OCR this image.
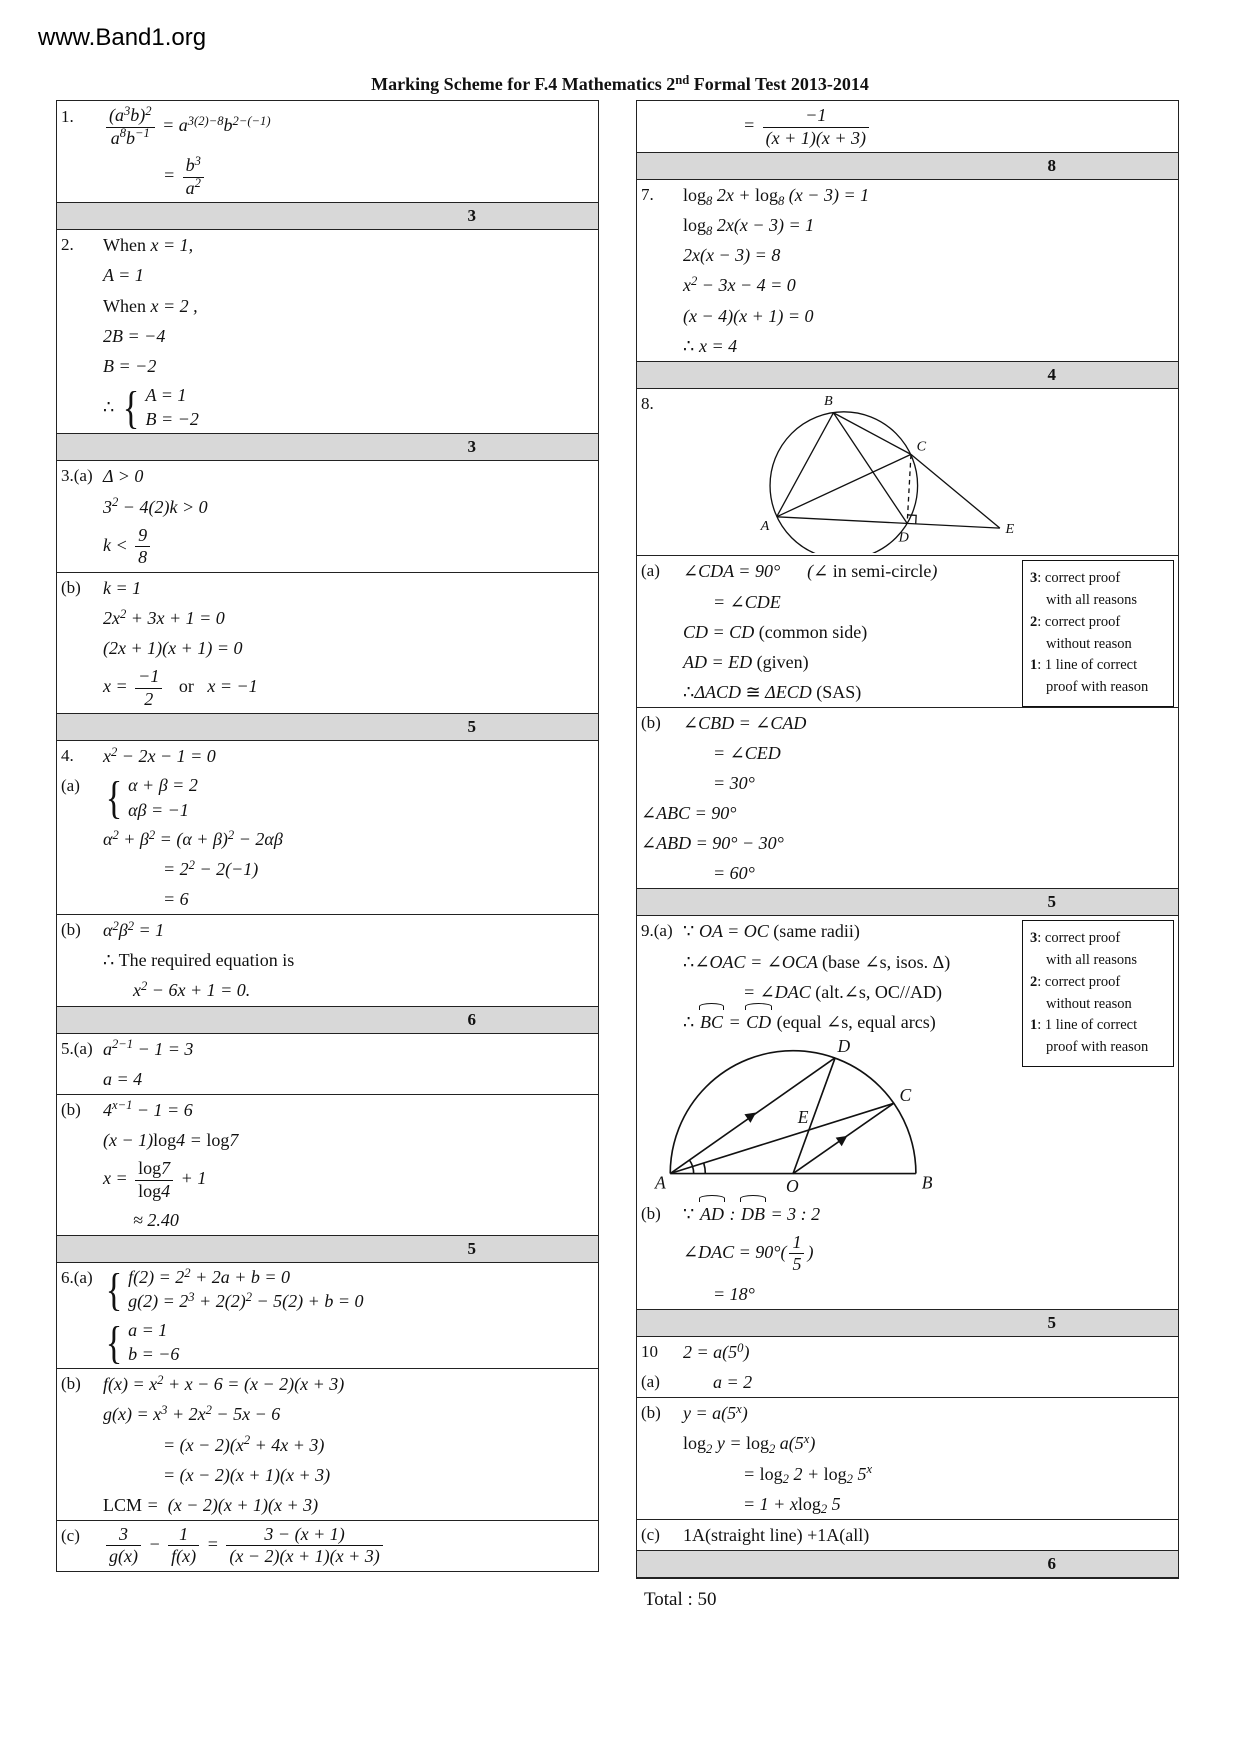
www.Band1.org
Marking Scheme for F.4 Mathematics 2nd Formal Test 2013-2014
1.	$\frac{(a^3b)^2}{a^8b^{-1}} = a^{3(2)-8}b^{2-(-1)}$
= $\frac{b^3}{a^2}$
3
2.	When x = 1,
A = 1
When x = 2 ,
2B = −4
B = −2
∴ { A = 1
B = −2
3
3.(a) Δ > 0
$3^2 - 4(2)k > 0$
$k < \frac{9}{8}$
(b)	k = 1
$2x^2 + 3x + 1 = 0$
(2x + 1)(x + 1) = 0
$x = \frac{-1}{2}$ or x = −1
5
4.	$x^2 - 2x - 1 = 0$
(a) { α + β = 2
αβ = −1
$\alpha^2 + \beta^2 = (\alpha + \beta)^2 - 2\alpha\beta$
= $2^2 - 2(-1)$
= 6
(b)	$\alpha^2\beta^2 = 1$
∴ The required equation is
$x^2 - 6x + 1 = 0$.
6
5.(a) $a^{2-1} - 1 = 3$
a = 4
(b)	$4^{x-1} - 1 = 6$
(x − 1)log4 = log7
$x = \frac{\log 7}{\log 4} + 1$
≈ 2.40
5
6.(a) { $f(2) = 2^2 + 2a + b = 0$
$g(2) = 2^3 + 2(2)^2 - 5(2) + b = 0$
{ a = 1
b = −6
(b)	$f(x) = x^2 + x - 6 = (x - 2)(x + 3)$
$g(x) = x^3 + 2x^2 - 5x - 6$
= $(x - 2)(x^2 + 4x + 3)$
= (x − 2)(x + 1)(x + 3)
LCM = (x − 2)(x + 1)(x + 3)
(c)	$\frac{3}{g(x)} - \frac{1}{f(x)} = \frac{3 - (x + 1)}{(x - 2)(x + 1)(x + 3)}$
= $\frac{-1}{(x + 1)(x + 3)}$
8
7.	log8 2x + log8 (x − 3) = 1
log8 2x(x − 3) = 1
2x(x − 3) = 8
$x^2 - 3x - 4 = 0$
(x − 4)(x + 1) = 0
∴ x = 4
4
8.
A
B
C
D
E
3: correct proof
with all reasons
2: correct proof
without reason
1: 1 line of correct
proof with reason
(a)	∠CDA = 90° (∠ in semi-circle)
= ∠CDE
CD = CD (common side)
AD = ED (given)
∴ΔACD ≅ ΔECD (SAS)
(b)	∠CBD = ∠CAD
= ∠CED
= 30°
∠ABC = 90°
∠ABD = 90° − 30°
= 60°
5
3: correct proof
with all reasons
2: correct proof
without reason
1: 1 line of correct
proof with reason
9.(a) ∵ OA = OC (same radii)
∴∠OAC = ∠OCA (base ∠s, isos. Δ)
= ∠DAC (alt.∠s, OC//AD)
∴ BC = CD (equal ∠s, equal arcs)
A	B
O
D
C
E
(b)	∵ AD : DB = 3 : 2
∠DAC = $90^\circ( \frac{1}{5}$ )
= 18°
5
10	$2 = a(5^0)$
(a)	a = 2
(b)	$y = a(5^x)$
log2 y = log2 $a(5^x)$
= log2 2 + log2 $5^x$
= 1 + xlog2 5
(c)	1A(straight line) +1A(all)
6
Total : 50
